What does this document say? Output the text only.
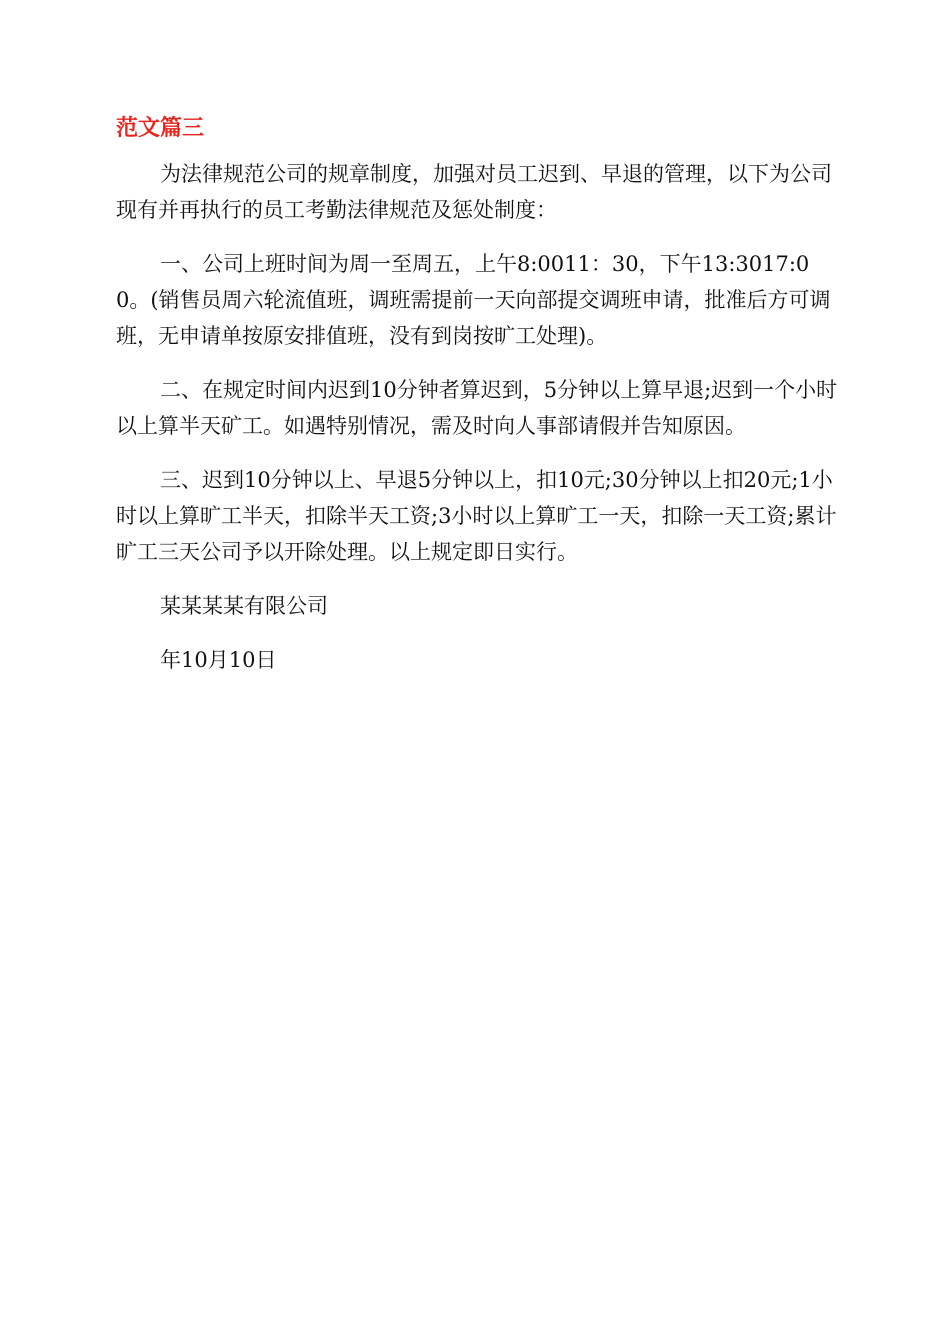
范文篇三

为法律规范公司的规章制度，加强对员工迟到、早退的管理，以下为公司现有并再执行的员工考勤法律规范及惩处制度：

一、公司上班时间为周一至周五，上午8:0011：30，下午13:3017:00。(销售员周六轮流值班，调班需提前一天向部提交调班申请，批准后方可调班，无申请单按原安排值班，没有到岗按旷工处理)。

二、在规定时间内迟到10分钟者算迟到，5分钟以上算早退;迟到一个小时以上算半天矿工。如遇特别情况，需及时向人事部请假并告知原因。

三、迟到10分钟以上、早退5分钟以上，扣10元;30分钟以上扣20元;1小时以上算旷工半天，扣除半天工资;3小时以上算旷工一天，扣除一天工资;累计旷工三天公司予以开除处理。以上规定即日实行。

某某某某有限公司

年10月10日
